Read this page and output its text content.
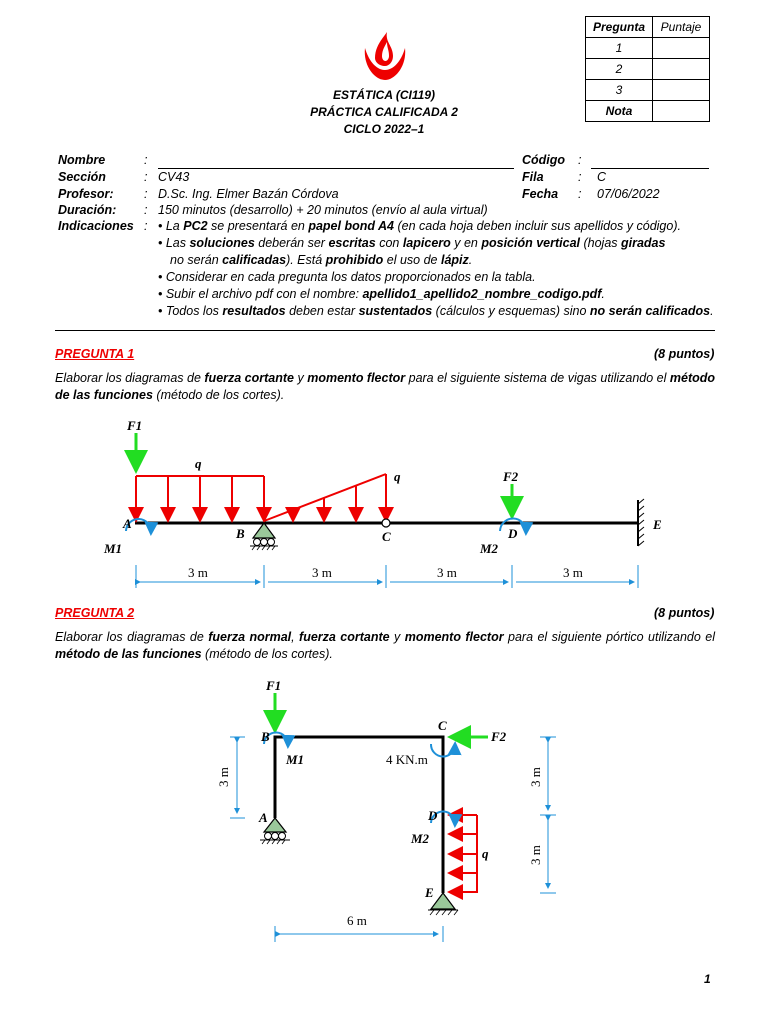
ESTÁTICA (CI119)
PRÁCTICA CALIFICADA 2
CICLO 2022–1
Pregunta	Puntaje
1	
2	
3	
Nota	
Nombre	:
Sección	: CV43
Profesor: : D.Sc. Ing. Elmer Bazán Córdova
Duración: : 150 minutos (desarrollo) + 20 minutos (envío al aula virtual)
Indicaciones :
Código :
Fila	: C
Fecha : 07/06/2022
• La PC2 se presentará en papel bond A4 (en cada hoja deben incluir sus apellidos y código).
• Las soluciones deberán ser escritas con lapicero y en posición vertical (hojas giradas
no serán calificadas). Está prohibido el uso de lápiz.
• Considerar en cada pregunta los datos proporcionados en la tabla.
• Subir el archivo pdf con el nombre: apellido1_apellido2_nombre_codigo.pdf.
• Todos los resultados deben estar sustentados (cálculos y esquemas) sino no serán calificados.
PREGUNTA 1	(8 puntos)
Elaborar los diagramas de fuerza cortante y momento flector para el siguiente sistema de vigas utilizando el método de las funciones (método de los cortes).
F1
q
q	F2
A
B	C	D
E
M1	M2
3 m	3 m	3 m	3 m
PREGUNTA 2	(8 puntos)
Elaborar los diagramas de fuerza normal, fuerza cortante y momento flector para el siguiente pórtico utilizando el método de las funciones (método de los cortes).
F1
F2
B
C
D
E
A
M1
M2
4 KN.m
q
3 m	3 m
3 m
6 m
1
